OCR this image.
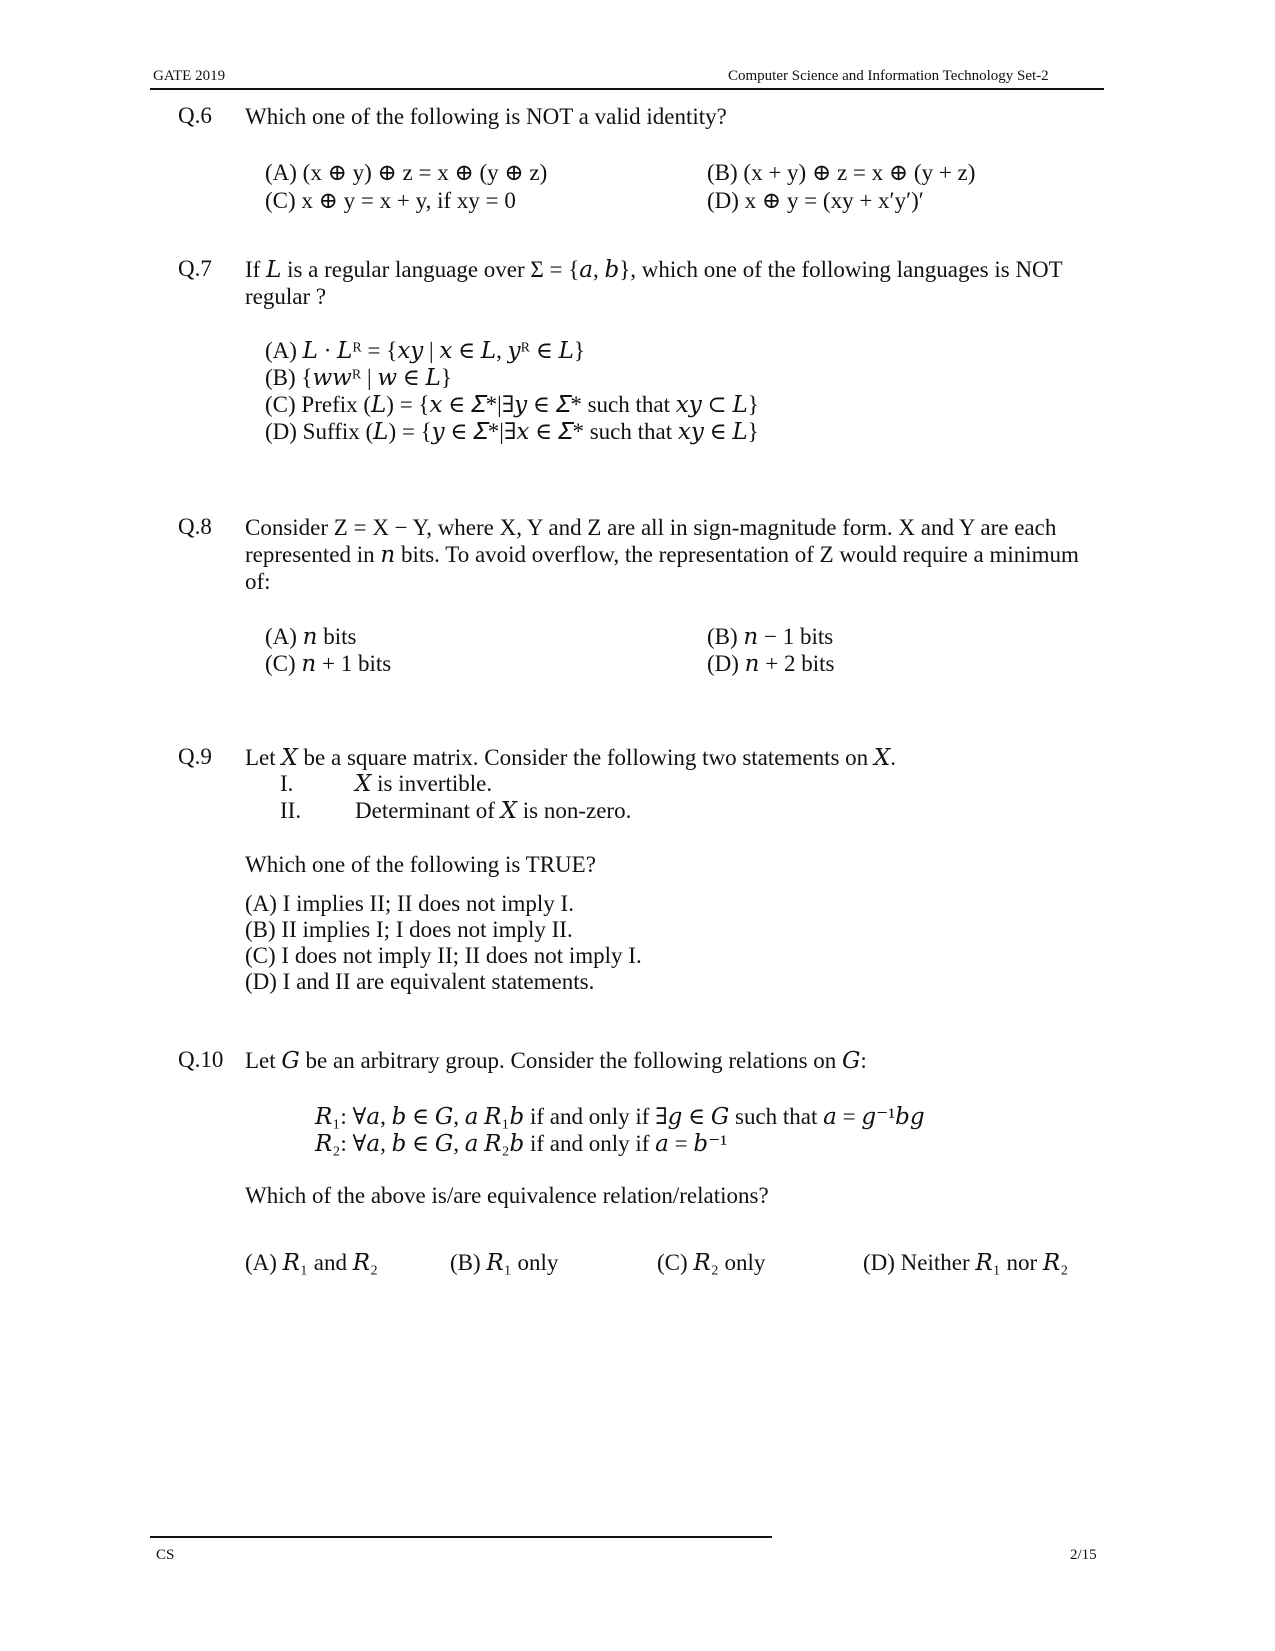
GATE 2019	Computer Science and Information Technology Set-2
Q.6 Which one of the following is NOT a valid identity?
(A) (x ⊕ y) ⊕ z = x ⊕ (y ⊕ z)	(B) (x + y) ⊕ z = x ⊕ (y + z)
(C) x ⊕ y = x + y, if xy = 0	(D) x ⊕ y = (xy + x′y′)′
Q.7 If 𝐿 is a regular language over Σ = {𝑎, 𝑏}, which one of the following languages is NOT
regular ?
(A) 𝐿 · 𝐿ᴿ = {𝑥𝑦 | 𝑥 ∈ 𝐿, 𝑦ᴿ ∈ 𝐿}
(B) {𝑤𝑤ᴿ | 𝑤 ∈ 𝐿}
(C) Prefix (𝐿) = {𝑥 ∈ 𝛴*|∃𝑦 ∈ 𝛴* such that 𝑥𝑦 ⊂ 𝐿}
(D) Suffix (𝐿) = {𝑦 ∈ 𝛴*|∃𝑥 ∈ 𝛴* such that 𝑥𝑦 ∈ 𝐿}
Q.8 Consider Z = X − Y, where X, Y and Z are all in sign-magnitude form. X and Y are each
represented in 𝑛 bits. To avoid overflow, the representation of Z would require a minimum
of:
(A) 𝑛 bits	(B) 𝑛 − 1 bits
(C) 𝑛 + 1 bits	(D) 𝑛 + 2 bits
Q.9 Let 𝑋 be a square matrix. Consider the following two statements on 𝑋.
I.	𝑋 is invertible.
II. Determinant of 𝑋 is non-zero.
Which one of the following is TRUE?
(A) I implies II; II does not imply I.
(B) II implies I; I does not imply II.
(C) I does not imply II; II does not imply I.
(D) I and II are equivalent statements.
Q.10 Let 𝐺 be an arbitrary group. Consider the following relations on 𝐺:
𝑅₁: ∀𝑎, 𝑏 ∈ 𝐺, 𝑎 𝑅₁𝑏 if and only if ∃𝑔 ∈ 𝐺 such that 𝑎 = 𝑔⁻¹𝑏𝑔
𝑅₂: ∀𝑎, 𝑏 ∈ 𝐺, 𝑎 𝑅₂𝑏 if and only if 𝑎 = 𝑏⁻¹
Which of the above is/are equivalence relation/relations?
(A) 𝑅₁ and 𝑅₂	(B) 𝑅₁ only	(C) 𝑅₂ only	(D) Neither 𝑅₁ nor 𝑅₂
CS	2/15
